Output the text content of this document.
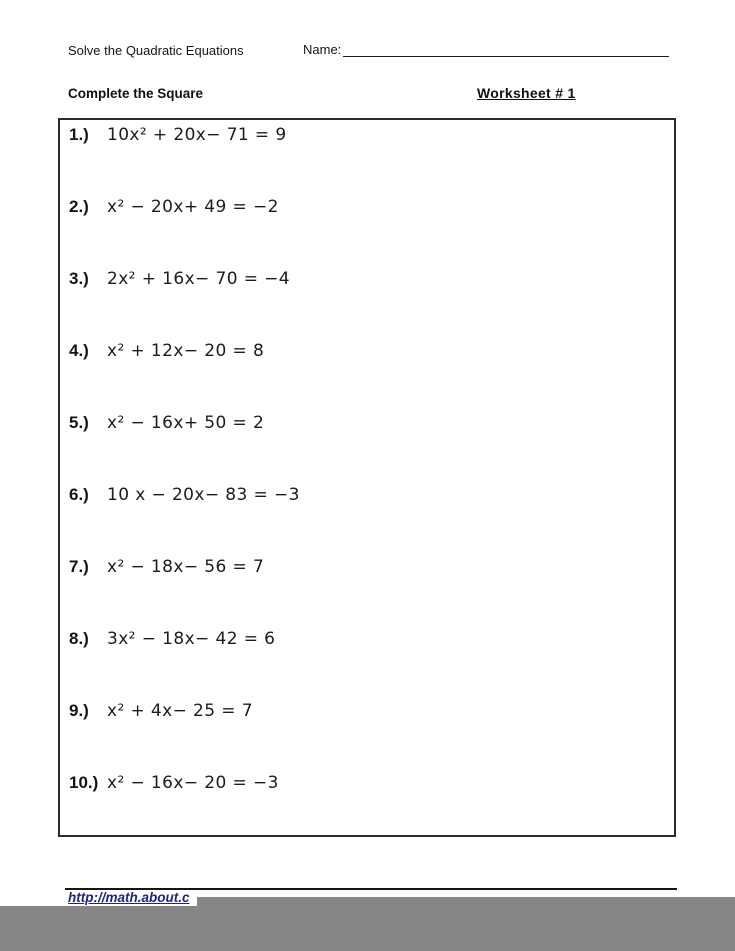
Solve the Quadratic Equations	Name:
Complete the Square	Worksheet # 1
1.)	10x² + 20x− 71 = 9
2.)	x² − 20x+ 49 = −2
3.)	2x² + 16x− 70 = −4
4.)	x² + 12x− 20 = 8
5.)	x² − 16x+ 50 = 2
6.)	10 x − 20x− 83 = −3
7.)	x² − 18x− 56 = 7
8.)	3x² − 18x− 42 = 6
9.)	x² + 4x− 25 = 7
10.) x² − 16x− 20 = −3
http://math.about.c
